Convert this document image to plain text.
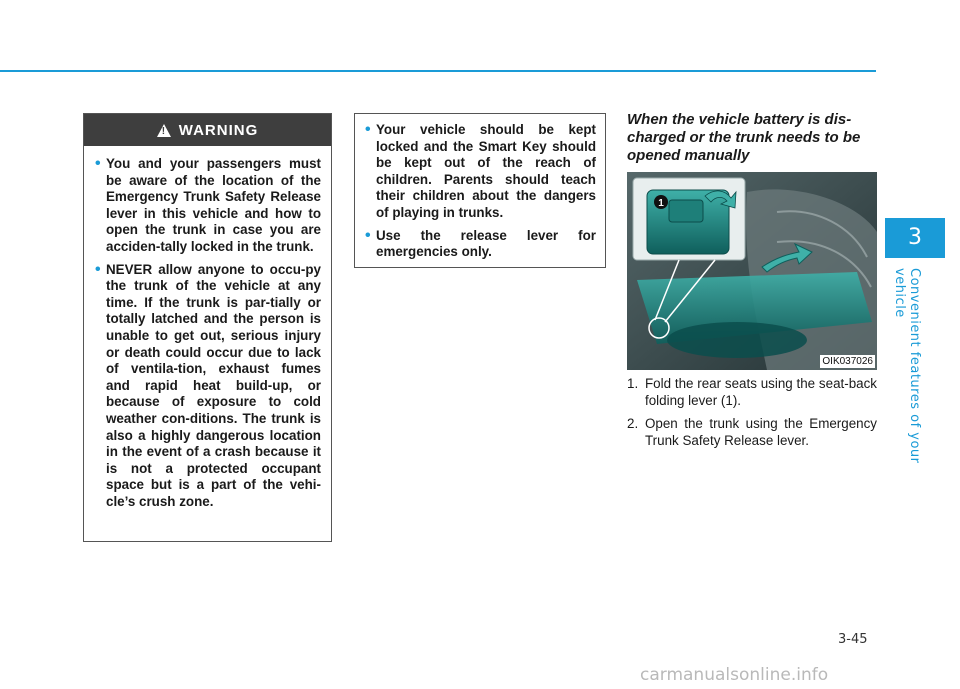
3
Convenient features of your vehicle
!
WARNING
• You and your passengers must be aware of the location of the Emergency Trunk Safety Release lever in this vehicle and how to open the trunk in case you are acciden-tally locked in the trunk.
• NEVER allow anyone to occu-py the trunk of the vehicle at any time. If the trunk is par-tially or totally latched and the person is unable to get out, serious injury or death could occur due to lack of ventila-tion, exhaust fumes and rapid heat build-up, or because of exposure to cold weather con-ditions. The trunk is also a highly dangerous location in the event of a crash because it is not a protected occupant space but is a part of the vehi-cle’s crush zone.
• Your vehicle should be kept locked and the Smart Key should be kept out of the reach of children. Parents should teach their children about the dangers of playing in trunks.
• Use the release lever for emergencies only.
When the vehicle battery is dis-charged or the trunk needs to be opened manually
1
OIK037026
1. Fold the rear seats using the seat-back folding lever (1).
2. Open the trunk using the Emergency Trunk Safety Release lever.
3-45
carmanualsonline.info
